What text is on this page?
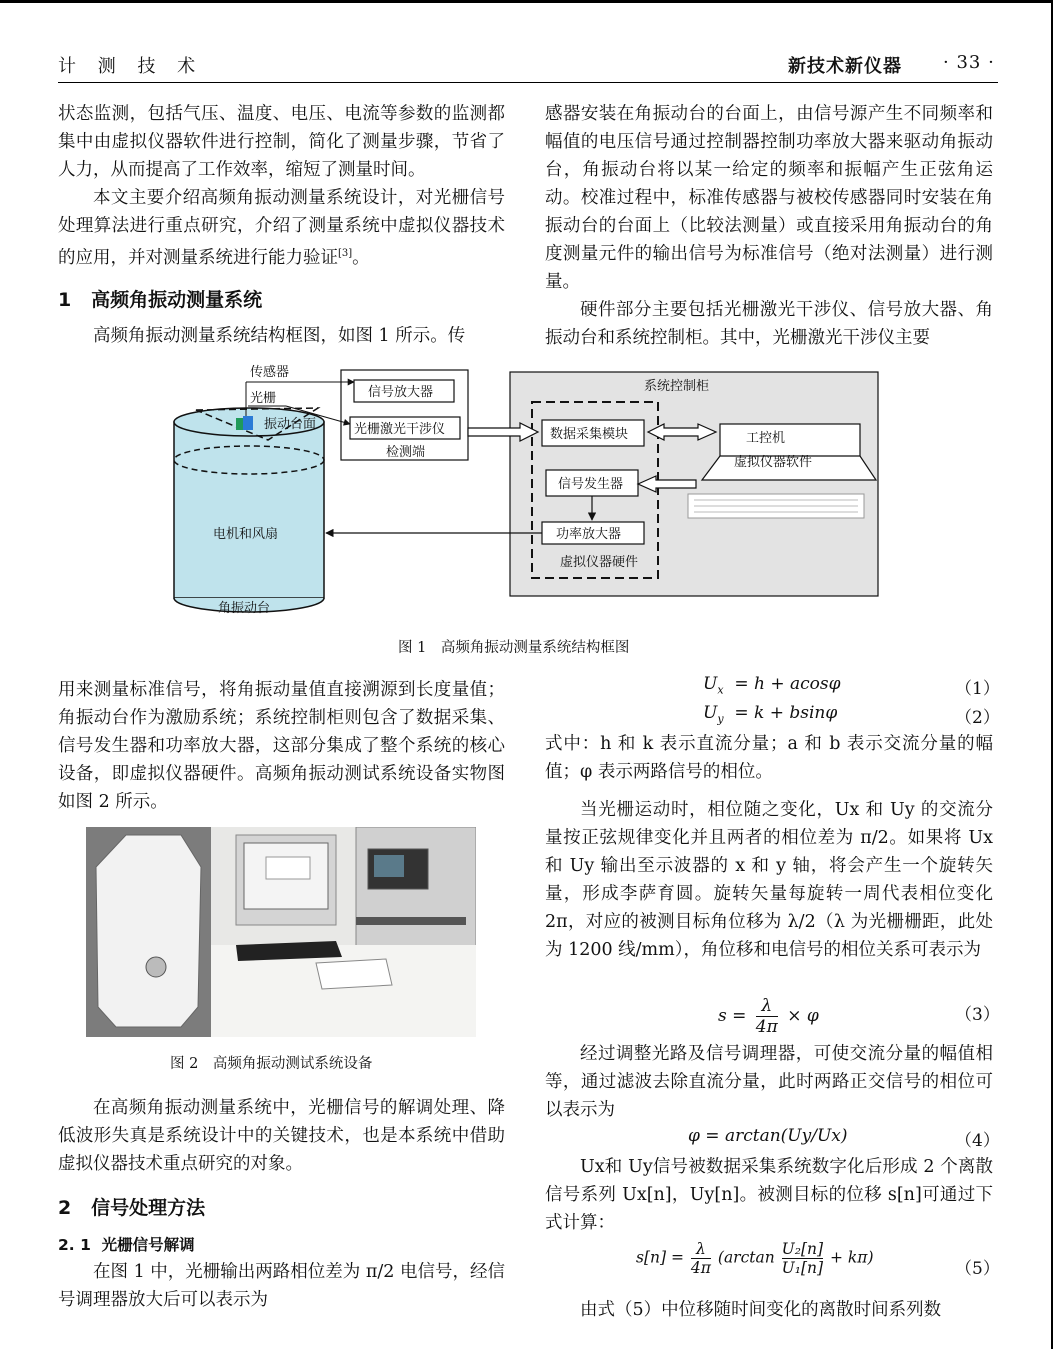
计 测 技 术	新技术新仪器 · 33 ·

状态监测，包括气压、温度、电压、电流等参数的监测都集中由虚拟仪器软件进行控制，简化了测量步骤，节省了人力，从而提高了工作效率，缩短了测量时间。

本文主要介绍高频角振动测量系统设计，对光栅信号处理算法进行重点研究，介绍了测量系统中虚拟仪器技术的应用，并对测量系统进行能力验证[3]。

1 高频角振动测量系统

高频角振动测量系统结构框图，如图 1 所示。传

感器安装在角振动台的台面上，由信号源产生不同频率和幅值的电压信号通过控制器控制功率放大器来驱动角振动台，角振动台将以某一给定的频率和振幅产生正弦角运动。校准过程中，标准传感器与被校传感器同时安装在角振动台的台面上（比较法测量）或直接采用角振动台的角度测量元件的输出信号为标准信号（绝对法测量）进行测量。

硬件部分主要包括光栅激光干涉仪、信号放大器、角振动台和系统控制柜。其中，光栅激光干涉仪主要

传感器
光栅
振动台面
电机和风扇
角振动台
信号放大器
光栅激光干涉仪
检测端
系统控制柜
数据采集模块
信号发生器
功率放大器
虚拟仪器硬件
工控机
虚拟仪器软件
图 1　高频角振动测量系统结构框图

用来测量标准信号，将角振动量值直接溯源到长度量值；角振动台作为激励系统；系统控制柜则包含了数据采集、信号发生器和功率放大器，这部分集成了整个系统的核心设备，即虚拟仪器硬件。高频角振动测试系统设备实物图如图 2 所示。

图 2　高频角振动测试系统设备

在高频角振动测量系统中，光栅信号的解调处理、降低波形失真是系统设计中的关键技术，也是本系统中借助虚拟仪器技术重点研究的对象。

2 信号处理方法

2. 1 光栅信号解调

在图 1 中，光栅输出两路相位差为 π/2 电信号，经信号调理器放大后可以表示为

$U_x = h + acos\varphi$	（1）
$U_y = k + bsin\varphi$	（2）

式中：h 和 k 表示直流分量；a 和 b 表示交流分量的幅值；φ 表示两路信号的相位。

当光栅运动时，相位随之变化，Ux 和 Uy 的交流分量按正弦规律变化并且两者的相位差为 π/2。如果将 Ux 和 Uy 输出至示波器的 x 和 y 轴，将会产生一个旋转矢量，形成李萨育圆。旋转矢量每旋转一周代表相位变化 2π，对应的被测目标角位移为 λ/2（λ 为光栅栅距，此处为 1200 线/mm），角位移和电信号的相位关系可表示为

$s = \frac{\lambda}{4\pi} \times \varphi$	（3）

经过调整光路及信号调理器，可使交流分量的幅值相等，通过滤波去除直流分量，此时两路正交信号的相位可以表示为

φ = arctan(Uy/Ux)	（4）

Ux和 Uy信号被数据采集系统数字化后形成 2 个离散信号系列 Ux[n]，Uy[n]。被测目标的位移 s[n]可通过下式计算：

$s[n] = \frac{\lambda}{4\pi} (\arctan \frac{\text{U₂[n]}}{\text{U₁[n]}} + k\pi)$
（5）

由式（5）中位移随时间变化的离散时间系列数
